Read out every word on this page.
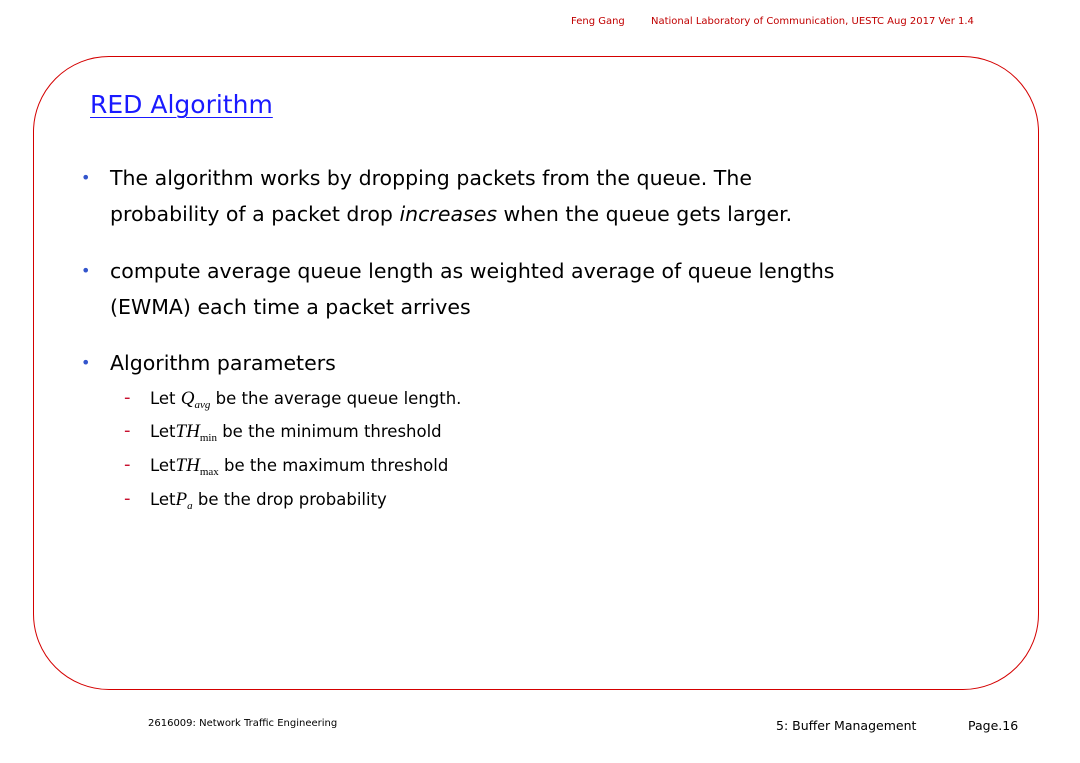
Feng Gang	National Laboratory of Communication, UESTC Aug 2017 Ver 1.4
RED Algorithm
• The algorithm works by dropping packets from the queue. The
probability of a packet drop increases when the queue gets larger.
• compute average queue length as weighted average of queue lengths
(EWMA) each time a packet arrives
• Algorithm parameters
- Let $Q_{avg}$ be the average queue length.
- LetTH$_{min}$ be the minimum threshold
- LetTH$_{max}$ be the maximum threshold
- LetP$_a$ be the drop probability
2616009: Network Traffic Engineering	5: Buffer Management	Page.16
